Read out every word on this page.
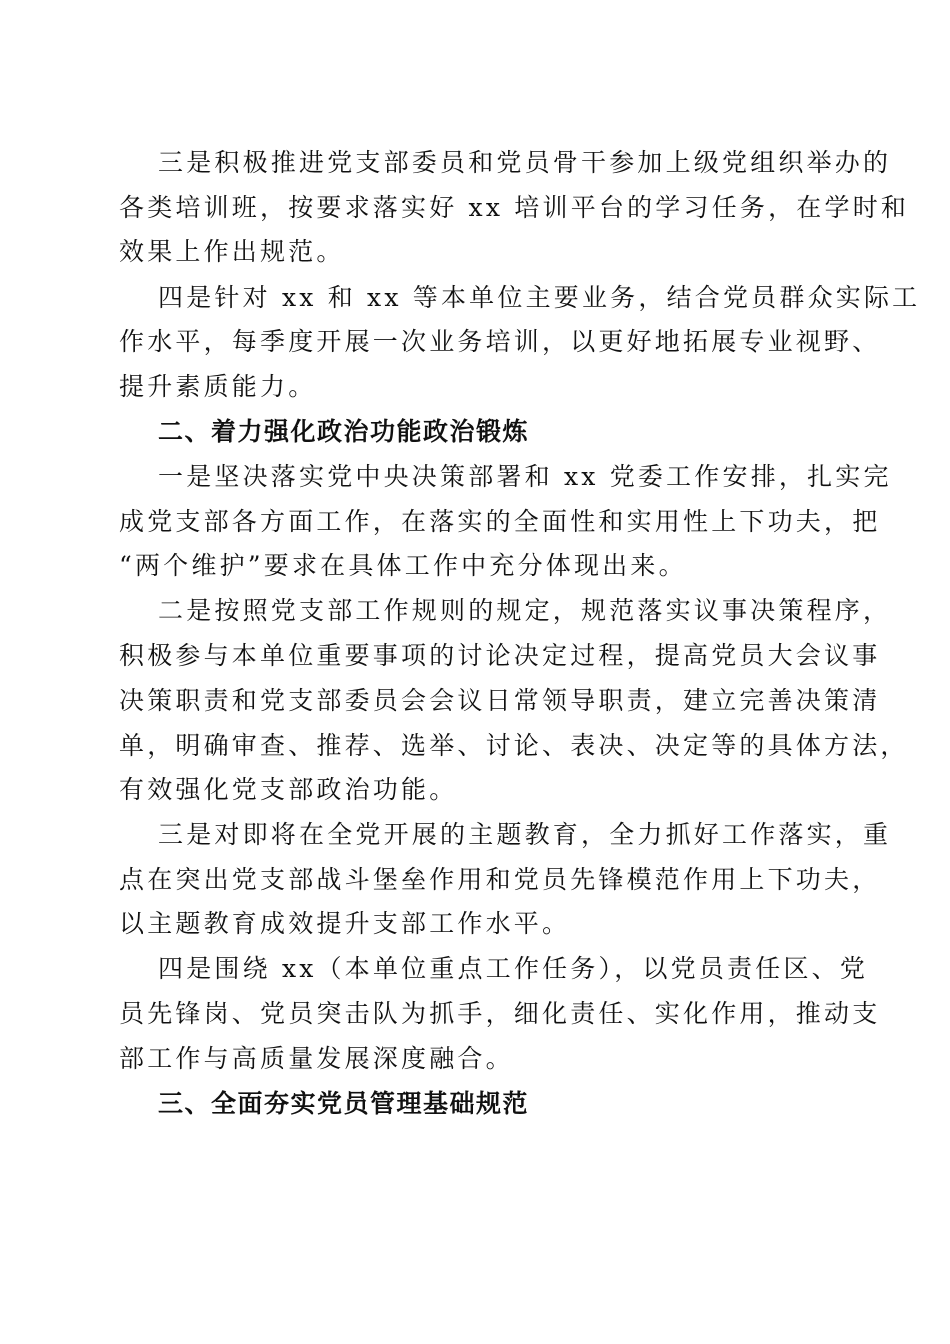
三是积极推进党支部委员和党员骨干参加上级党组织举办的
各类培训班，按要求落实好 xx 培训平台的学习任务，在学时和
效果上作出规范。
四是针对 xx 和 xx 等本单位主要业务，结合党员群众实际工
作水平，每季度开展一次业务培训，以更好地拓展专业视野、
提升素质能力。
二、着力强化政治功能政治锻炼
一是坚决落实党中央决策部署和 xx 党委工作安排，扎实完
成党支部各方面工作，在落实的全面性和实用性上下功夫，把
“两个维护”要求在具体工作中充分体现出来。
二是按照党支部工作规则的规定，规范落实议事决策程序，
积极参与本单位重要事项的讨论决定过程，提高党员大会议事
决策职责和党支部委员会会议日常领导职责，建立完善决策清
单，明确审查、推荐、选举、讨论、表决、决定等的具体方法，
有效强化党支部政治功能。
三是对即将在全党开展的主题教育，全力抓好工作落实，重
点在突出党支部战斗堡垒作用和党员先锋模范作用上下功夫，
以主题教育成效提升支部工作水平。
四是围绕 xx（本单位重点工作任务），以党员责任区、党
员先锋岗、党员突击队为抓手，细化责任、实化作用，推动支
部工作与高质量发展深度融合。
三、全面夯实党员管理基础规范
